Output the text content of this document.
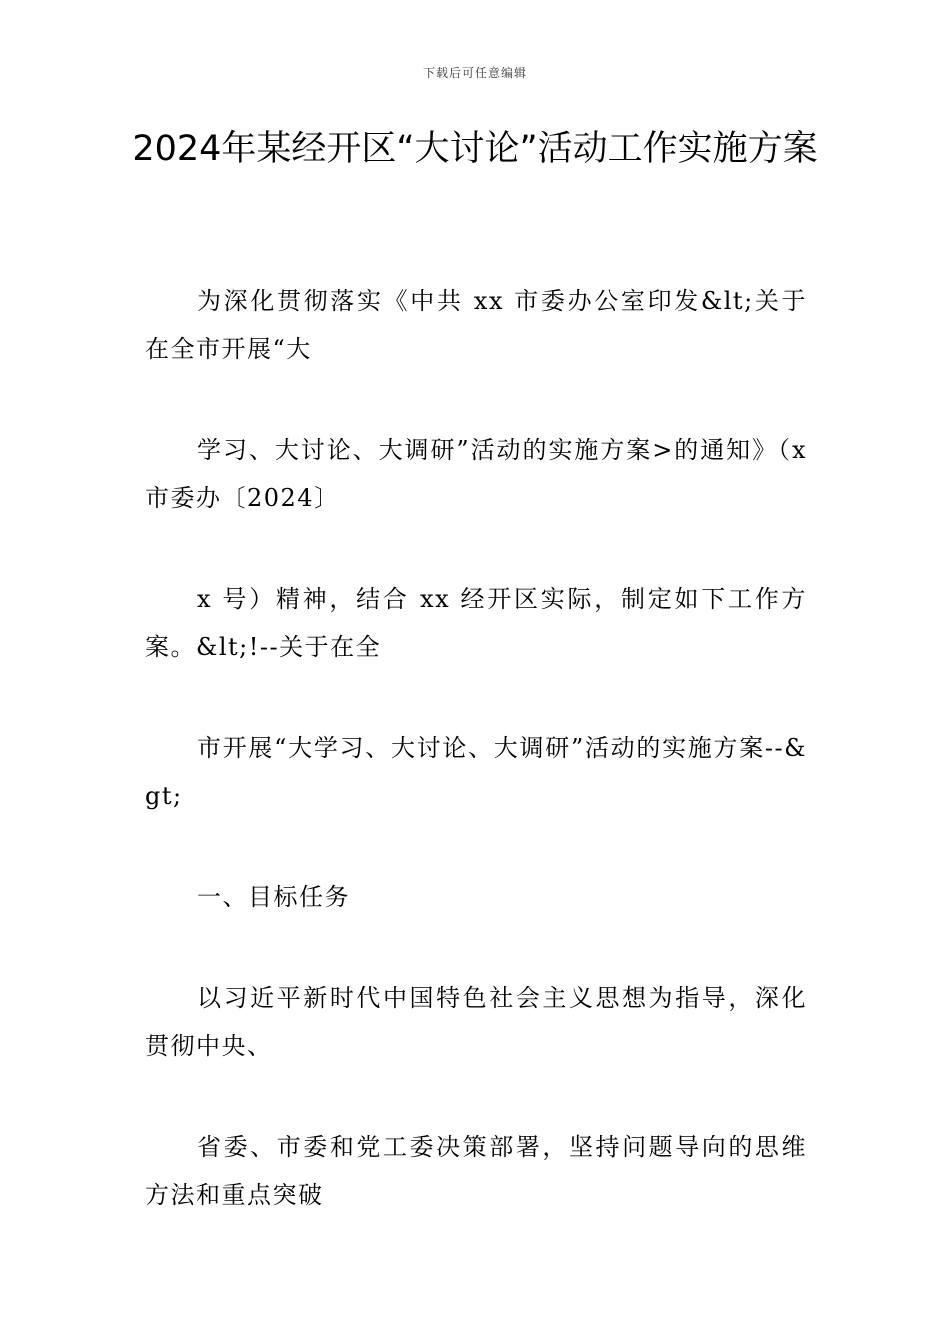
下载后可任意编辑
2024年某经开区“大讨论”活动工作实施方案

为深化贯彻落实《中共 xx 市委办公室印发&lt;关于在全市开展“大

学习、大讨论、大调研”活动的实施方案>的通知》（x 市委办〔2024〕

x 号）精神，结合 xx 经开区实际，制定如下工作方案。&lt;!--关于在全

市开展“大学习、大讨论、大调研”活动的实施方案--&gt;

一、目标任务

以习近平新时代中国特色社会主义思想为指导，深化贯彻中央、

省委、市委和党工委决策部署，坚持问题导向的思维方法和重点突破
